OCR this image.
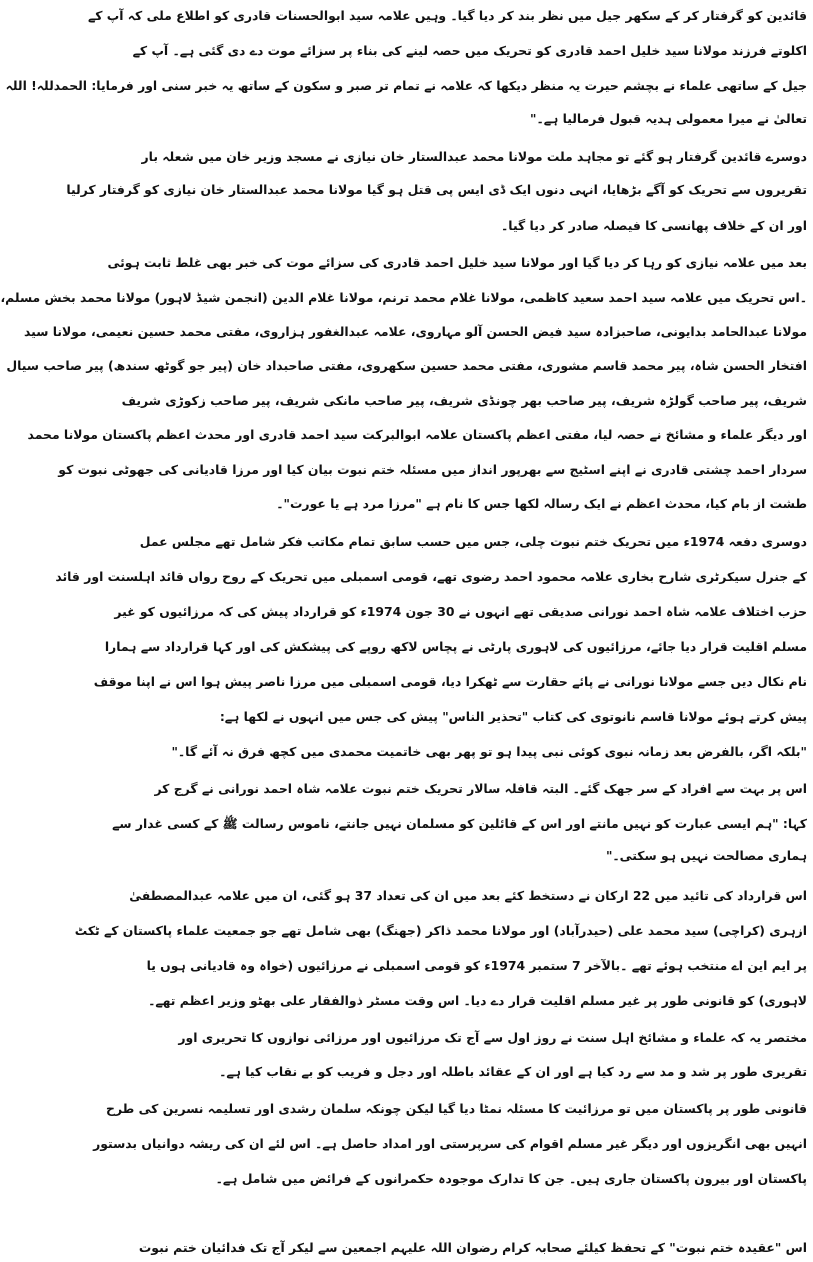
قائدین کو گرفتار کر کے سکھر جیل میں نظر بند کر دیا گیا۔ وہیں علامہ سید ابوالحسنات قادری کو اطلاع ملی کہ آپ کے
اکلوتے فرزند مولانا سید خلیل احمد قادری کو تحریک میں حصہ لینے کی بناء پر سزائے موت دے دی گئی ہے۔ آپ کے
جیل کے ساتھی علماء نے بچشم حیرت یہ منظر دیکھا کہ علامہ نے تمام تر صبر و سکون کے ساتھ یہ خبر سنی اور فرمایا: الحمدللہ! اللہ
تعالیٰ نے میرا معمولی ہدیہ قبول فرمالیا ہے۔"
دوسرے قائدین گرفتار ہو گئے تو مجاہد ملت مولانا محمد عبدالستار خان نیازی نے مسجد وزیر خان میں شعلہ بار
تقریروں سے تحریک کو آگے بڑھایا، انہی دنوں ایک ڈی ایس پی قتل ہو گیا مولانا محمد عبدالستار خان نیازی کو گرفتار کرلیا
اور ان کے خلاف پھانسی کا فیصلہ صادر کر دیا گیا۔
بعد میں علامہ نیازی کو رہا کر دیا گیا اور مولانا سید خلیل احمد قادری کی سزائے موت کی خبر بھی غلط ثابت ہوئی
۔اس تحریک میں علامہ سید احمد سعید کاظمی، مولانا غلام محمد ترنم، مولانا غلام الدین (انجمن شیڈ لاہور) مولانا محمد بخش مسلم،
مولانا عبدالحامد بدایونی، صاحبزادہ سید فیض الحسن آلو مہاروی، علامہ عبدالغفور ہزاروی، مفتی محمد حسین نعیمی، مولانا سید
افتخار الحسن شاہ، پیر محمد قاسم مشوری، مفتی محمد حسین سکھروی، مفتی صاحبداد خان (پیر جو گوٹھ سندھ) پیر صاحب سیال
شریف، پیر صاحب گولڑہ شریف، پیر صاحب بھر چونڈی شریف، پیر صاحب مانکی شریف، پیر صاحب زکوڑی شریف
اور دیگر علماء و مشائخ نے حصہ لیا، مفتی اعظم پاکستان علامہ ابوالبرکت سید احمد قادری اور محدث اعظم پاکستان مولانا محمد
سردار احمد چشتی قادری نے اپنے اسٹیج سے بھرپور انداز میں مسئلہ ختم نبوت بیان کیا اور مرزا قادیانی کی جھوٹی نبوت کو
طشت از بام کیا، محدث اعظم نے ایک رسالہ لکھا جس کا نام ہے "مرزا مرد ہے یا عورت"۔
دوسری دفعہ 1974ء میں تحریک ختم نبوت چلی، جس میں حسب سابق تمام مکاتب فکر شامل تھے مجلس عمل
کے جنرل سیکرٹری شارح بخاری علامہ محمود احمد رضوی تھے، قومی اسمبلی میں تحریک کے روح رواں قائد اہلسنت اور قائد
حزب اختلاف علامہ شاہ احمد نورانی صدیقی تھے انہوں نے 30 جون 1974ء کو قرارداد پیش کی کہ مرزائیوں کو غیر
مسلم اقلیت قرار دیا جائے، مرزائیوں کی لاہوری پارٹی نے پچاس لاکھ روپے کی پیشکش کی اور کہا قرارداد سے ہمارا
نام نکال دیں جسے مولانا نورانی نے پائے حقارت سے ٹھکرا دیا، قومی اسمبلی میں مرزا ناصر پیش ہوا اس نے اپنا موقف
پیش کرتے ہوئے مولانا قاسم نانوتوی کی کتاب "تحذیر الناس" پیش کی جس میں انہوں نے لکھا ہے:
"بلکہ اگر، بالفرض بعد زمانہ نبوی کوئی نبی پیدا ہو تو پھر بھی خاتمیت محمدی میں کچھ فرق نہ آئے گا۔"
اس پر بہت سے افراد کے سر جھک گئے۔ البتہ قافلہ سالار تحریک ختم نبوت علامہ شاہ احمد نورانی نے گرج کر
کہا: "ہم ایسی عبارت کو نہیں مانتے اور اس کے قائلین کو مسلمان نہیں جانتے، ناموس رسالت ﷺ کے کسی غدار سے
ہماری مصالحت نہیں ہو سکتی۔"
اس قرارداد کی تائید میں 22 ارکان نے دستخط کئے بعد میں ان کی تعداد 37 ہو گئی، ان میں علامہ عبدالمصطفیٰ
ازہری (کراچی) سید محمد علی (حیدرآباد) اور مولانا محمد ذاکر (جھنگ) بھی شامل تھے جو جمعیت علماء پاکستان کے ٹکٹ
پر ایم این اے منتخب ہوئے تھے ۔بالآخر 7 ستمبر 1974ء کو قومی اسمبلی نے مرزائیوں (خواہ وہ قادیانی ہوں یا
لاہوری) کو قانونی طور پر غیر مسلم اقلیت قرار دے دیا۔ اس وقت مسٹر ذوالفقار علی بھٹو وزیر اعظم تھے۔
مختصر یہ کہ علماء و مشائخ اہل سنت نے روز اول سے آج تک مرزائیوں اور مرزائی نوازوں کا تحریری اور
تقریری طور پر شد و مد سے رد کیا ہے اور ان کے عقائد باطلہ اور دجل و فریب کو بے نقاب کیا ہے۔
قانونی طور پر پاکستان میں تو مرزائیت کا مسئلہ نمٹا دیا گیا لیکن چونکہ سلمان رشدی اور تسلیمہ نسرین کی طرح
انہیں بھی انگریزوں اور دیگر غیر مسلم اقوام کی سرپرستی اور امداد حاصل ہے۔ اس لئے ان کی ریشہ دوانیاں بدستور
پاکستان اور بیرون پاکستان جاری ہیں۔ جن کا تدارک موجودہ حکمرانوں کے فرائض میں شامل ہے۔
اس "عقیدہ ختم نبوت" کے تحفظ کیلئے صحابہ کرام رضوان اللہ علیہم اجمعین سے لیکر آج تک فدائیان ختم نبوت
